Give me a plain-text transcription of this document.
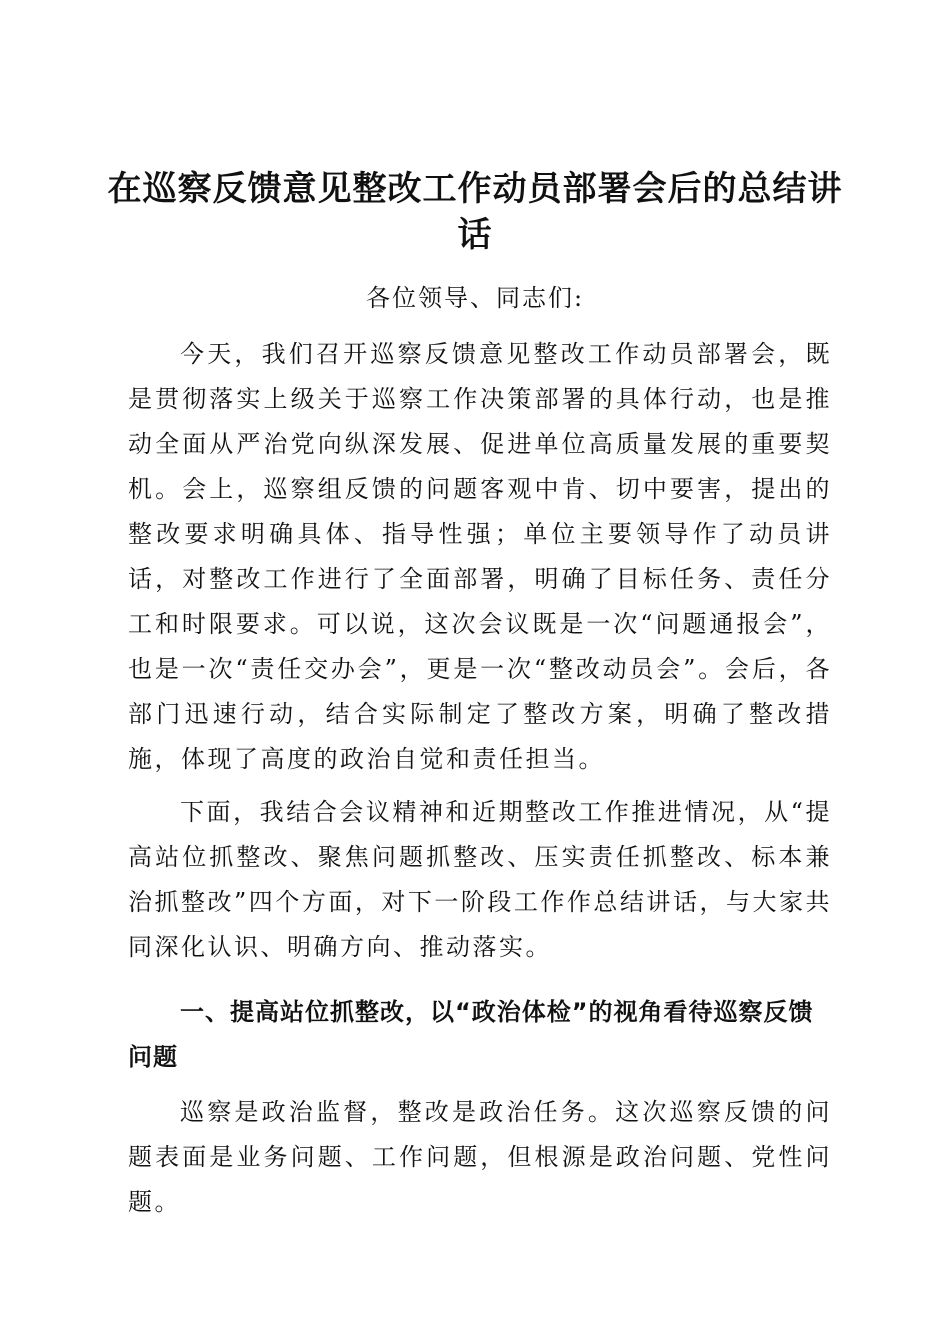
在巡察反馈意见整改工作动员部署会后的总结讲话

各位领导、同志们:

今天，我们召开巡察反馈意见整改工作动员部署会，既是贯彻落实上级关于巡察工作决策部署的具体行动，也是推动全面从严治党向纵深发展、促进单位高质量发展的重要契机。会上，巡察组反馈的问题客观中肯、切中要害，提出的整改要求明确具体、指导性强；单位主要领导作了动员讲话，对整改工作进行了全面部署，明确了目标任务、责任分工和时限要求。可以说，这次会议既是一次“问题通报会”，也是一次“责任交办会”，更是一次“整改动员会”。会后，各部门迅速行动，结合实际制定了整改方案，明确了整改措施，体现了高度的政治自觉和责任担当。

下面，我结合会议精神和近期整改工作推进情况，从“提高站位抓整改、聚焦问题抓整改、压实责任抓整改、标本兼治抓整改”四个方面，对下一阶段工作作总结讲话，与大家共同深化认识、明确方向、推动落实。

一、提高站位抓整改，以“政治体检”的视角看待巡察反馈问题

巡察是政治监督，整改是政治任务。这次巡察反馈的问题表面是业务问题、工作问题，但根源是政治问题、党性问题。
